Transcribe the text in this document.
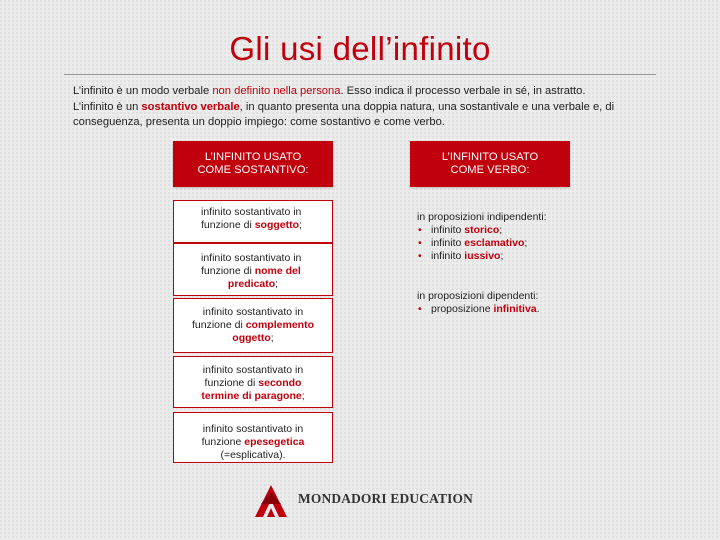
Gli usi dell’infinito
L’infinito è un modo verbale non definito nella persona. Esso indica il processo verbale in sé, in astratto.
L’infinito è un sostantivo verbale, in quanto presenta una doppia natura, una sostantivale e una verbale e, di conseguenza, presenta un doppio impiego: come sostantivo e come verbo.
L’INFINITO USATO
COME SOSTANTIVO:
L’INFINITO USATO
COME VERBO:
infinito sostantivato in
funzione di soggetto;
infinito sostantivato in
funzione di nome del
predicato;
infinito sostantivato in
funzione di complemento
oggetto;
infinito sostantivato in
funzione di secondo
termine di paragone;
infinito sostantivato in
funzione epesegetica
(=esplicativa).
in proposizioni indipendenti:
• infinito storico;
• infinito esclamativo;
• infinito iussivo;
in proposizioni dipendenti:
• proposizione infinitiva.
MONDADORI EDUCATION
